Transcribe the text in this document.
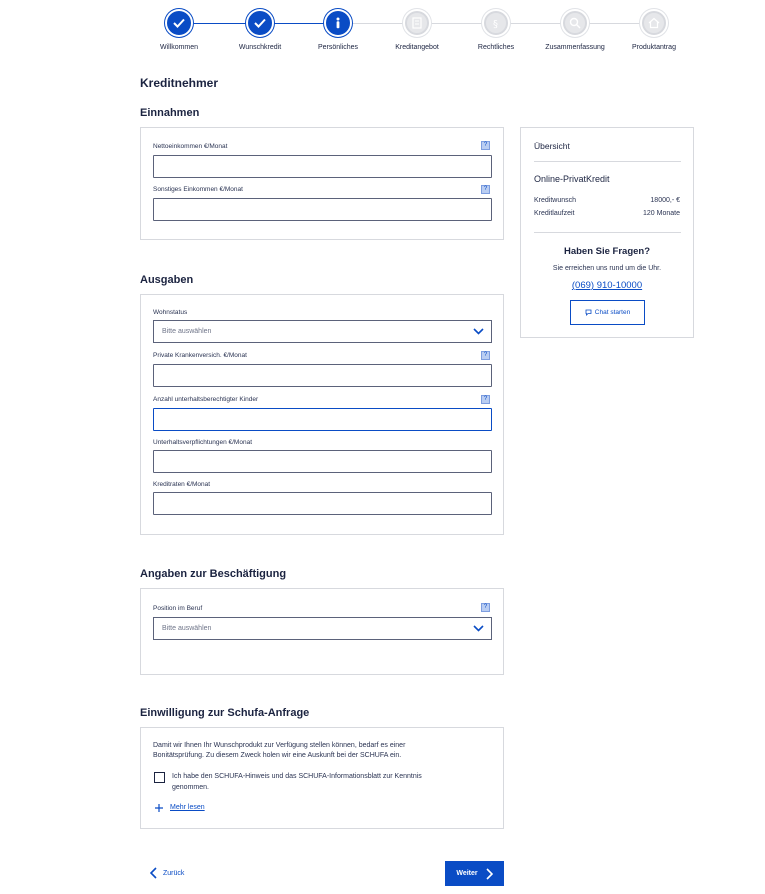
Willkommen	Wunschkredit	Persönliches	Kreditangebot
§
Rechtliches	Zusammenfassung	Produktantrag
Kreditnehmer
Einnahmen
Nettoeinkommen €/Monat	?
Sonstiges Einkommen €/Monat	?
Ausgaben
Wohnstatus
Bitte auswählen
Private Krankenversich. €/Monat	?
Anzahl unterhaltsberechtigter Kinder	?
Unterhaltsverpflichtungen €/Monat
Kreditraten €/Monat
Angaben zur Beschäftigung
Position im Beruf	?
Bitte auswählen
Einwilligung zur Schufa-Anfrage
Damit wir Ihnen Ihr Wunschprodukt zur Verfügung stellen können, bedarf es einer
Bonitätsprüfung. Zu diesem Zweck holen wir eine Auskunft bei der SCHUFA ein.
Ich habe den SCHUFA-Hinweis und das SCHUFA-Informationsblatt zur Kenntnis
genommen.
Mehr lesen
Übersicht
Online-PrivatKredit
Kreditwunsch	18000,- €
Kreditlaufzeit	120 Monate
Haben Sie Fragen?
Sie erreichen uns rund um die Uhr.
(069) 910-10000
Chat starten
Zurück	Weiter
